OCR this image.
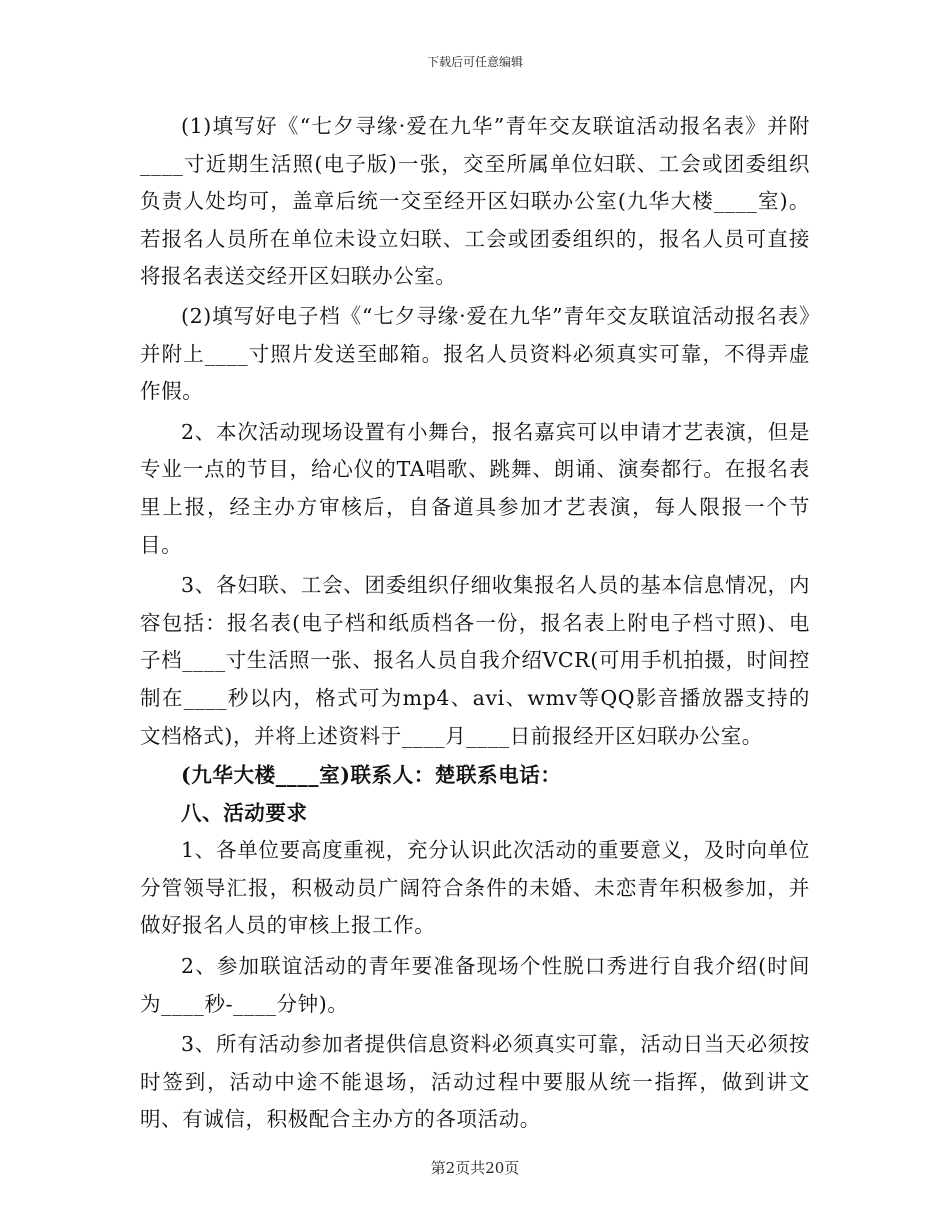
下载后可任意编辑

(1)填写好《“七夕寻缘·爱在九华”青年交友联谊活动报名表》并附____寸近期生活照(电子版)一张，交至所属单位妇联、工会或团委组织负责人处均可，盖章后统一交至经开区妇联办公室(九华大楼____室)。若报名人员所在单位未设立妇联、工会或团委组织的，报名人员可直接将报名表送交经开区妇联办公室。

(2)填写好电子档《“七夕寻缘·爱在九华”青年交友联谊活动报名表》并附上____寸照片发送至邮箱。报名人员资料必须真实可靠，不得弄虚作假。

2、本次活动现场设置有小舞台，报名嘉宾可以申请才艺表演，但是专业一点的节目，给心仪的TA唱歌、跳舞、朗诵、演奏都行。在报名表里上报，经主办方审核后，自备道具参加才艺表演，每人限报一个节目。

3、各妇联、工会、团委组织仔细收集报名人员的基本信息情况，内容包括：报名表(电子档和纸质档各一份，报名表上附电子档寸照)、电子档____寸生活照一张、报名人员自我介绍VCR(可用手机拍摄，时间控制在____秒以内，格式可为mp4、avi、wmv等QQ影音播放器支持的文档格式)，并将上述资料于____月____日前报经开区妇联办公室。

(九华大楼____室)联系人：楚联系电话：

八、活动要求

1、各单位要高度重视，充分认识此次活动的重要意义，及时向单位分管领导汇报，积极动员广阔符合条件的未婚、未恋青年积极参加，并做好报名人员的审核上报工作。

2、参加联谊活动的青年要准备现场个性脱口秀进行自我介绍(时间为____秒-____分钟)。

3、所有活动参加者提供信息资料必须真实可靠，活动日当天必须按时签到，活动中途不能退场，活动过程中要服从统一指挥，做到讲文明、有诚信，积极配合主办方的各项活动。

第2页共20页
